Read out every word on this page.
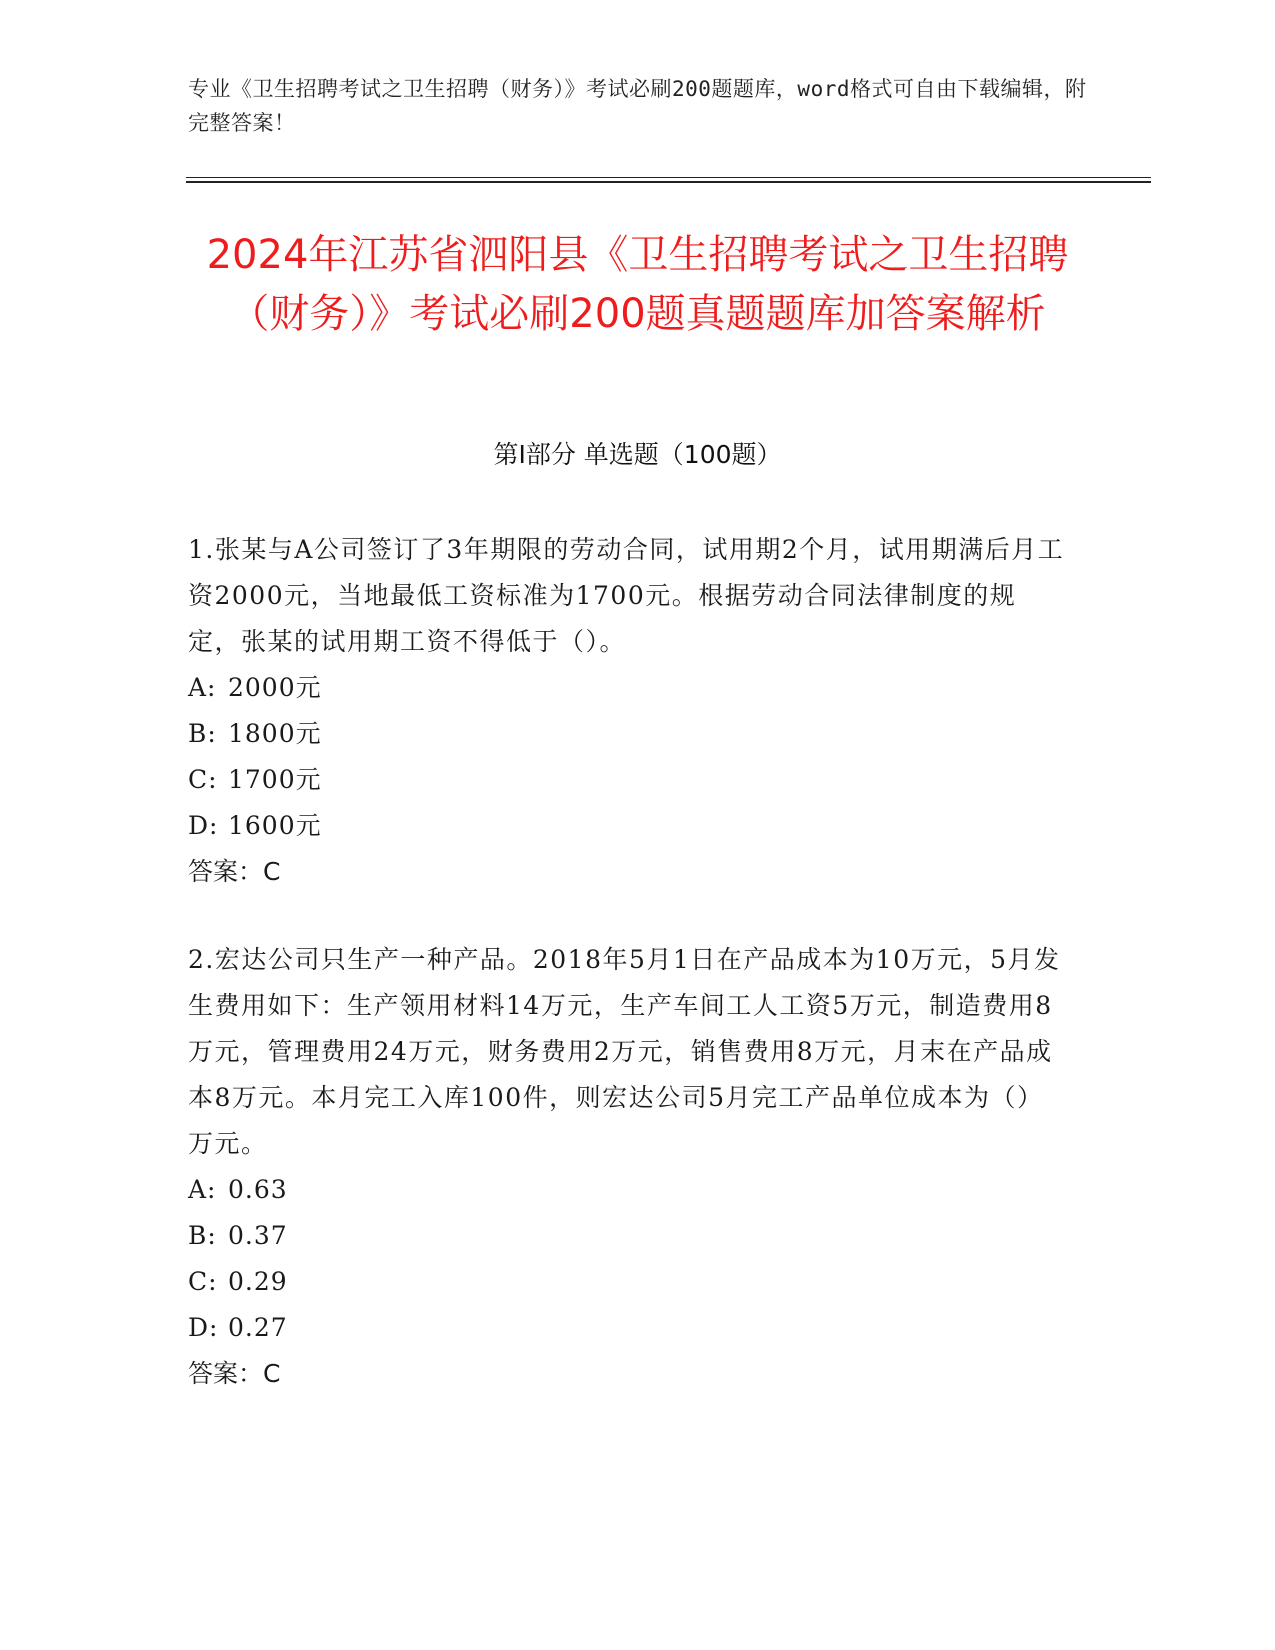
专业《卫生招聘考试之卫生招聘（财务）》考试必刷200题题库，word格式可自由下载编辑，附完整答案！
2024年江苏省泗阳县《卫生招聘考试之卫生招聘（财务）》考试必刷200题真题题库加答案解析
第Ⅰ部分 单选题（100题）

1.张某与A公司签订了3年期限的劳动合同，试用期2个月，试用期满后月工资2000元，当地最低工资标准为1700元。根据劳动合同法律制度的规定，张某的试用期工资不得低于（）。

A: 2000元

B: 1800元

C: 1700元

D: 1600元

答案：C

2.宏达公司只生产一种产品。2018年5月1日在产品成本为10万元，5月发生费用如下：生产领用材料14万元，生产车间工人工资5万元，制造费用8万元，管理费用24万元，财务费用2万元，销售费用8万元，月末在产品成本8万元。本月完工入库100件，则宏达公司5月完工产品单位成本为（）万元。

A: 0.63

B: 0.37

C: 0.29

D: 0.27

答案：C
